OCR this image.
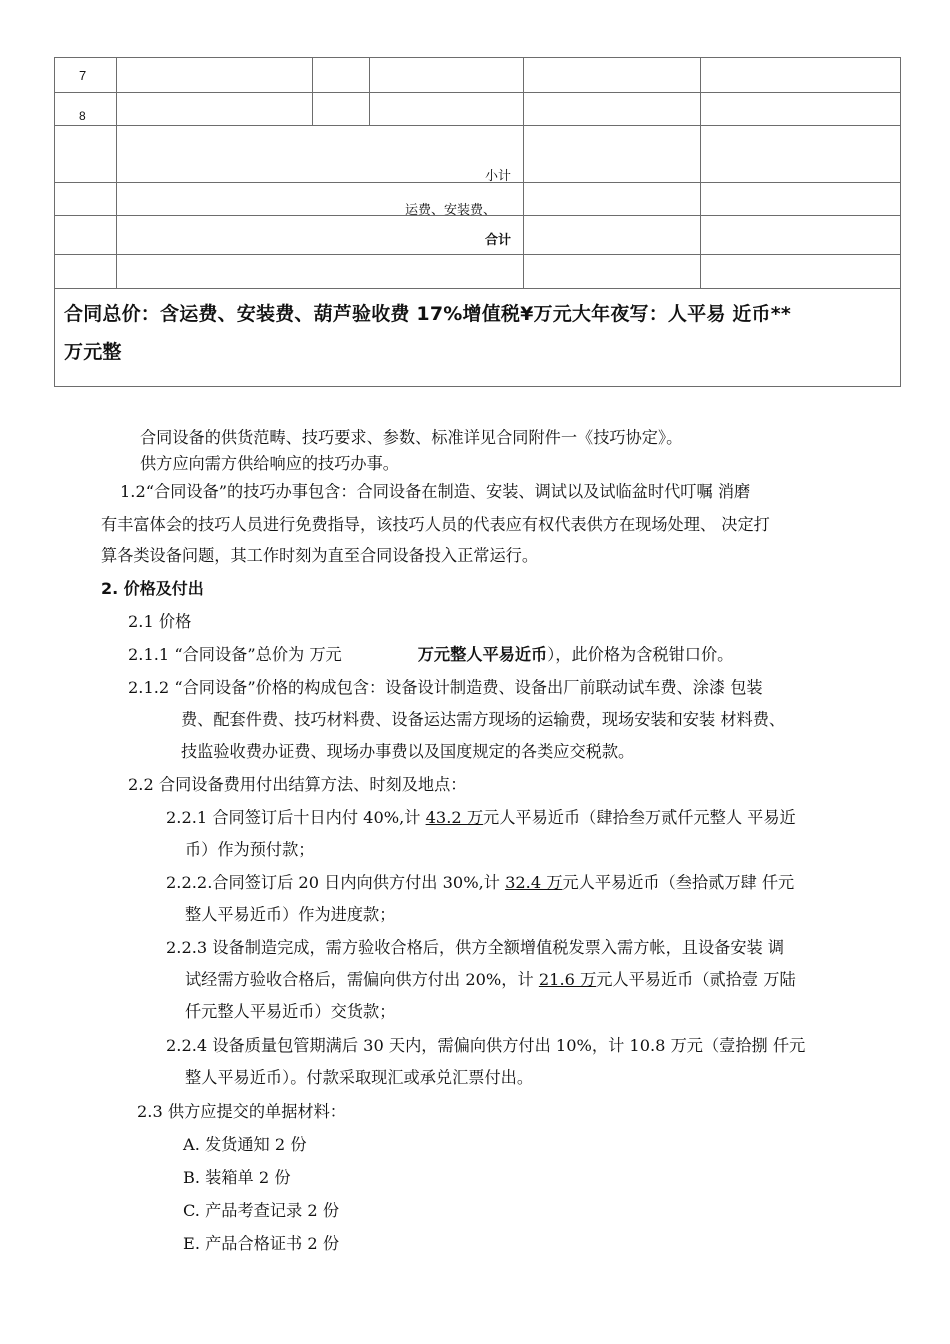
7
8
小计
运费、安装费、
合计
合同总价：含运费、安装费、葫芦验收费 17%增值税¥万元大年夜写：人平易 近币**
万元整
合同设备的供货范畴、技巧要求、参数、标准详见合同附件一《技巧协定》。
供方应向需方供给响应的技巧办事。
1.2“合同设备”的技巧办事包含：合同设备在制造、安装、调试以及试临盆时代叮嘱 消磨
有丰富体会的技巧人员进行免费指导，该技巧人员的代表应有权代表供方在现场处理、 决定打
算各类设备问题，其工作时刻为直至合同设备投入正常运行。
2. 价格及付出
2.1 价格
2.1.1 “合同设备”总价为 万元	万元整人平易近币），此价格为含税钳口价。
2.1.2 “合同设备”价格的构成包含：设备设计制造费、设备出厂前联动试车费、涂漆 包装
费、配套件费、技巧材料费、设备运达需方现场的运输费，现场安装和安装 材料费、
技监验收费办证费、现场办事费以及国度规定的各类应交税款。
2.2 合同设备费用付出结算方法、时刻及地点：
2.2.1 合同签订后十日内付 40%,计 43.2 万元人平易近币（肆拾叁万贰仟元整人 平易近
币）作为预付款；
2.2.2.合同签订后 20 日内向供方付出 30%,计 32.4 万元人平易近币（叁拾贰万肆 仟元
整人平易近币）作为进度款；
2.2.3 设备制造完成，需方验收合格后，供方全额增值税发票入需方帐，且设备安装 调
试经需方验收合格后，需偏向供方付出 20%，计 21.6 万元人平易近币（贰拾壹 万陆
仟元整人平易近币）交货款；
2.2.4 设备质量包管期满后 30 天内，需偏向供方付出 10%，计 10.8 万元（壹拾捌 仟元
整人平易近币）。付款采取现汇或承兑汇票付出。
2.3 供方应提交的单据材料：
A. 发货通知 2 份
B. 装箱单 2 份
C. 产品考查记录 2 份
E. 产品合格证书 2 份
